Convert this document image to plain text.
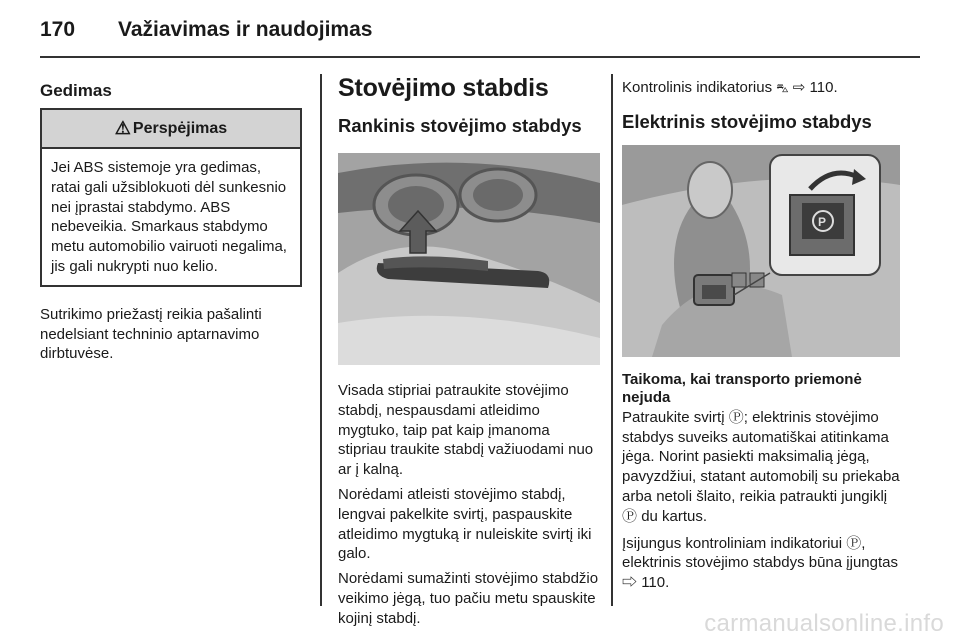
170 Važiavimas ir naudojimas
Gedimas
⚠ Perspėjimas
Jei ABS sistemoje yra gedimas, ratai gali užsiblokuoti dėl sunkesnio nei įprastai stabdymo. ABS nebeveikia. Smarkaus stabdymo metu automobilio vairuoti negalima, jis gali nukrypti nuo kelio.

Sutrikimo priežastį reikia pašalinti nedelsiant techninio aptarnavimo dirbtuvėse.

Stovėjimo stabdis
Rankinis stovėjimo stabdys

Visada stipriai patraukite stovėjimo stabdį, nespausdami atleidimo mygtuko, taip pat kaip įmanoma stipriau traukite stabdį važiuodami nuo ar į kalną.

Norėdami atleisti stovėjimo stabdį, lengvai pakelkite svirtį, paspauskite atleidimo mygtuką ir nuleiskite svirtį iki galo.

Norėdami sumažinti stovėjimo stabdžio veikimo jėgą, tuo pačiu metu spauskite kojinį stabdį.

Kontrolinis indikatorius ⛍ ⇨ 110.

Elektrinis stovėjimo stabdys
P
Taikoma, kai transporto priemonė nejuda

Patraukite svirtį Ⓟ; elektrinis stovėjimo stabdys suveiks automatiškai atitinkama jėga. Norint pasiekti maksimalią jėgą, pavyzdžiui, statant automobilį su priekaba arba netoli šlaito, reikia patraukti jungiklį Ⓟ du kartus.

Įsijungus kontroliniam indikatoriui Ⓟ, elektrinis stovėjimo stabdys būna įjungtas ⇨ 110.

carmanualsonline.info
